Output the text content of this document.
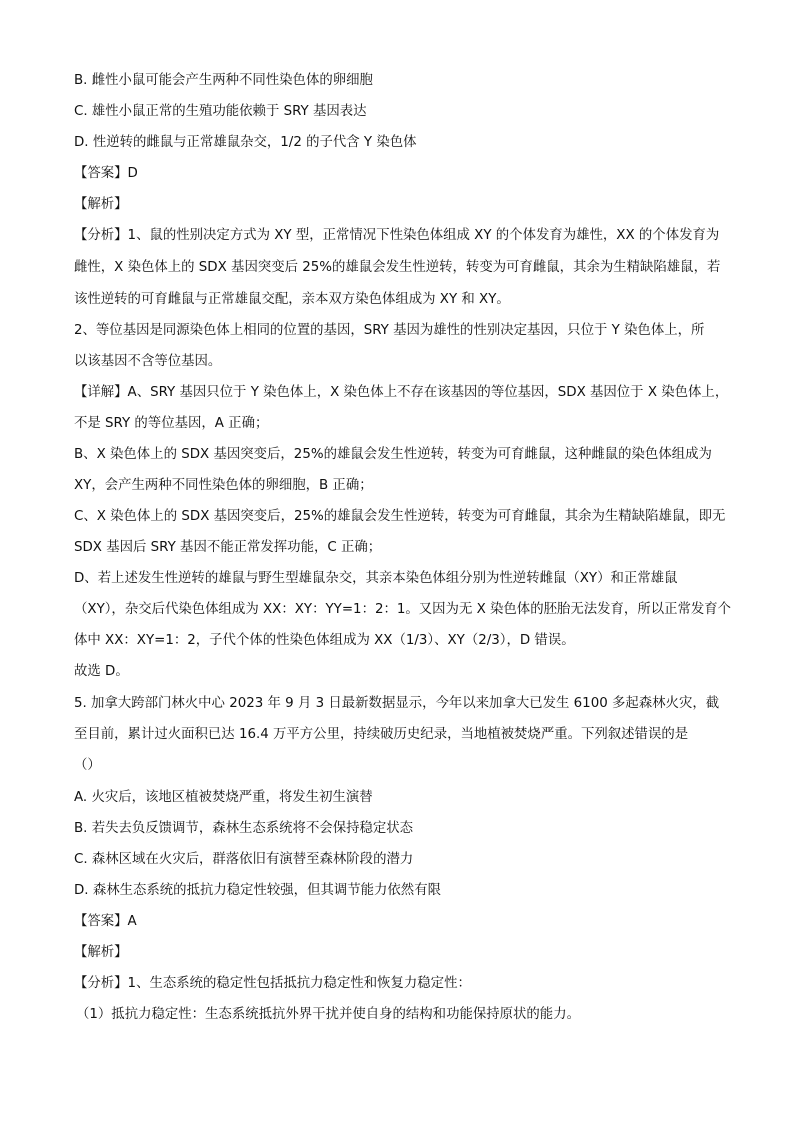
B. 雌性小鼠可能会产生两种不同性染色体的卵细胞
C. 雄性小鼠正常的生殖功能依赖于 SRY 基因表达
D. 性逆转的雌鼠与正常雄鼠杂交，1/2 的子代含 Y 染色体
【答案】D
【解析】
【分析】1、鼠的性别决定方式为 XY 型，正常情况下性染色体组成 XY 的个体发育为雄性，XX 的个体发育为
雌性，X 染色体上的 SDX 基因突变后 25%的雄鼠会发生性逆转，转变为可育雌鼠，其余为生精缺陷雄鼠，若
该性逆转的可育雌鼠与正常雄鼠交配，亲本双方染色体组成为 XY 和 XY。
2、等位基因是同源染色体上相同的位置的基因，SRY 基因为雄性的性别决定基因，只位于 Y 染色体上，所
以该基因不含等位基因。
【详解】A、SRY 基因只位于 Y 染色体上，X 染色体上不存在该基因的等位基因，SDX 基因位于 X 染色体上，
不是 SRY 的等位基因，A 正确；
B、X 染色体上的 SDX 基因突变后，25%的雄鼠会发生性逆转，转变为可育雌鼠，这种雌鼠的染色体组成为
XY，会产生两种不同性染色体的卵细胞，B 正确；
C、X 染色体上的 SDX 基因突变后，25%的雄鼠会发生性逆转，转变为可育雌鼠，其余为生精缺陷雄鼠，即无
SDX 基因后 SRY 基因不能正常发挥功能，C 正确；
D、若上述发生性逆转的雄鼠与野生型雄鼠杂交，其亲本染色体组分别为性逆转雌鼠（XY）和正常雄鼠
（XY），杂交后代染色体组成为 XX：XY：YY=1：2：1。又因为无 X 染色体的胚胎无法发育，所以正常发育个
体中 XX：XY=1：2，子代个体的性染色体组成为 XX（1/3）、XY（2/3），D 错误。
故选 D。
5. 加拿大跨部门林火中心 2023 年 9 月 3 日最新数据显示，今年以来加拿大已发生 6100 多起森林火灾，截
至目前，累计过火面积已达 16.4 万平方公里，持续破历史纪录，当地植被焚烧严重。下列叙述错误的是
（）
A. 火灾后，该地区植被焚烧严重，将发生初生演替
B. 若失去负反馈调节，森林生态系统将不会保持稳定状态
C. 森林区域在火灾后，群落依旧有演替至森林阶段的潜力
D. 森林生态系统的抵抗力稳定性较强，但其调节能力依然有限
【答案】A
【解析】
【分析】1、生态系统的稳定性包括抵抗力稳定性和恢复力稳定性：
（1）抵抗力稳定性：生态系统抵抗外界干扰并使自身的结构和功能保持原状的能力。
